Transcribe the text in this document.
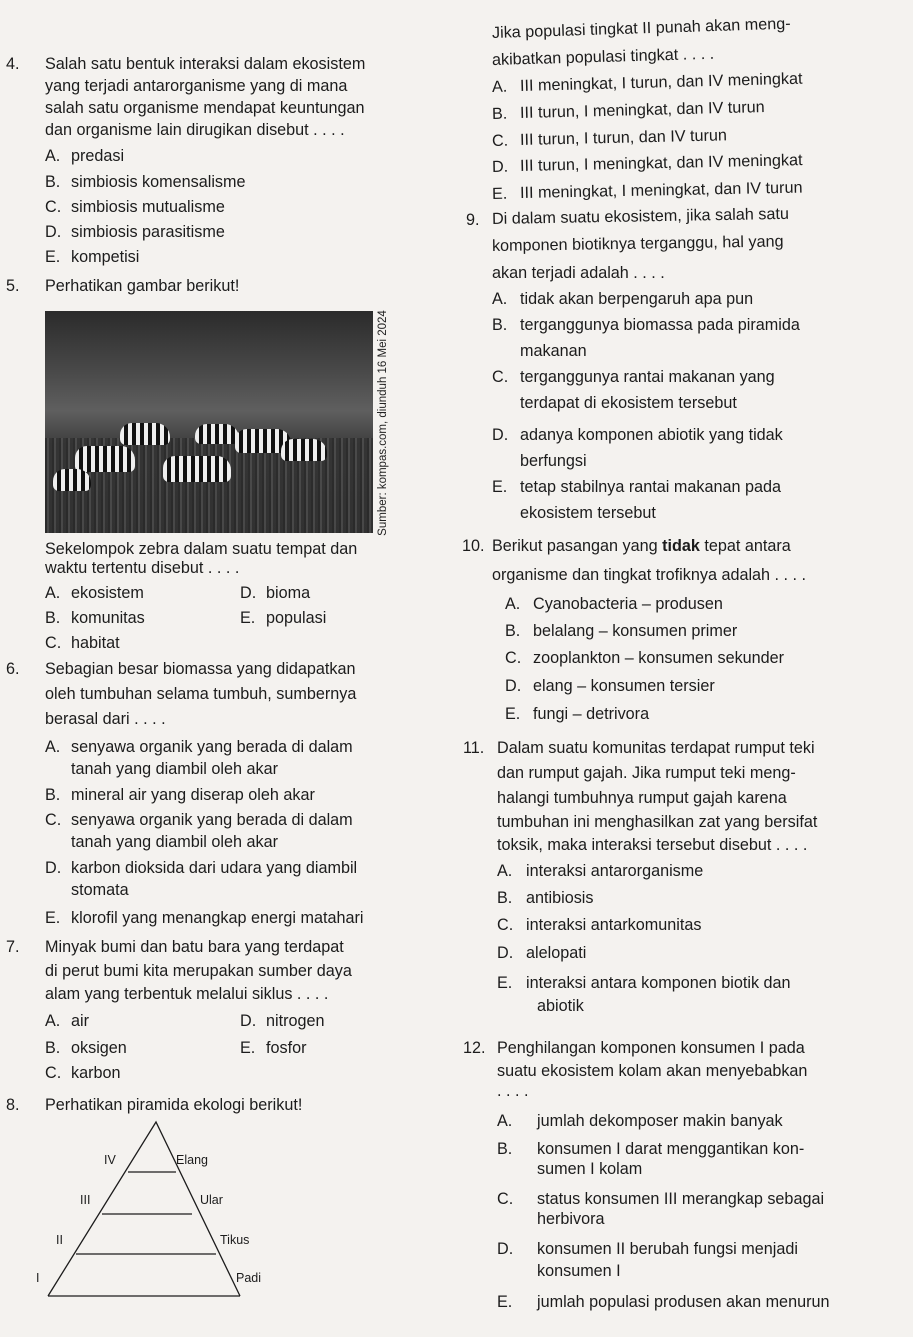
4. Salah satu bentuk interaksi dalam ekosistem
yang terjadi antarorganisme yang di mana
salah satu organisme mendapat keuntungan
dan organisme lain dirugikan disebut . . . .
A. predasi
B. simbiosis komensalisme
C. simbiosis mutualisme
D. simbiosis parasitisme
E. kompetisi
5. Perhatikan gambar berikut!
Sumber: kompas.com, diunduh 16 Mei 2024
Sekelompok zebra dalam suatu tempat dan
waktu tertentu disebut . . . .
A. ekosistem	D. bioma
B. komunitas	E. populasi
C. habitat
6. Sebagian besar biomassa yang didapatkan
oleh tumbuhan selama tumbuh, sumbernya
berasal dari . . . .
A. senyawa organik yang berada di dalam
tanah yang diambil oleh akar
B. mineral air yang diserap oleh akar
C. senyawa organik yang berada di dalam
tanah yang diambil oleh akar
D. karbon dioksida dari udara yang diambil
stomata
E. klorofil yang menangkap energi matahari
7. Minyak bumi dan batu bara yang terdapat
di perut bumi kita merupakan sumber daya
alam yang terbentuk melalui siklus . . . .
A. air	D. nitrogen
B. oksigen	E. fosfor
C. karbon
8. Perhatikan piramida ekologi berikut!
IV	Elang
III	Ular
II	Tikus
I	Padi
Jika populasi tingkat II punah akan meng-
akibatkan populasi tingkat . . . .
A. III meningkat, I turun, dan IV meningkat
B. III turun, I meningkat, dan IV turun
C. III turun, I turun, dan IV turun
D. III turun, I meningkat, dan IV meningkat
E. III meningkat, I meningkat, dan IV turun
9. Di dalam suatu ekosistem, jika salah satu
komponen biotiknya terganggu, hal yang
akan terjadi adalah . . . .
A. tidak akan berpengaruh apa pun
B. terganggunya biomassa pada piramida
makanan
C. terganggunya rantai makanan yang
terdapat di ekosistem tersebut
D. adanya komponen abiotik yang tidak
berfungsi
E. tetap stabilnya rantai makanan pada
ekosistem tersebut
10. Berikut pasangan yang tidak tepat antara
organisme dan tingkat trofiknya adalah . . . .
A. Cyanobacteria – produsen
B. belalang – konsumen primer
C. zooplankton – konsumen sekunder
D. elang – konsumen tersier
E. fungi – detrivora
11. Dalam suatu komunitas terdapat rumput teki
dan rumput gajah. Jika rumput teki meng-
halangi tumbuhnya rumput gajah karena
tumbuhan ini menghasilkan zat yang bersifat
toksik, maka interaksi tersebut disebut . . . .
A. interaksi antarorganisme
B. antibiosis
C. interaksi antarkomunitas
D. alelopati
E. interaksi antara komponen biotik dan
abiotik
12. Penghilangan komponen konsumen I pada
suatu ekosistem kolam akan menyebabkan
. . . .
A. jumlah dekomposer makin banyak
B. konsumen I darat menggantikan kon-
sumen I kolam
C. status konsumen III merangkap sebagai
herbivora
D. konsumen II berubah fungsi menjadi
konsumen I
E. jumlah populasi produsen akan menurun
